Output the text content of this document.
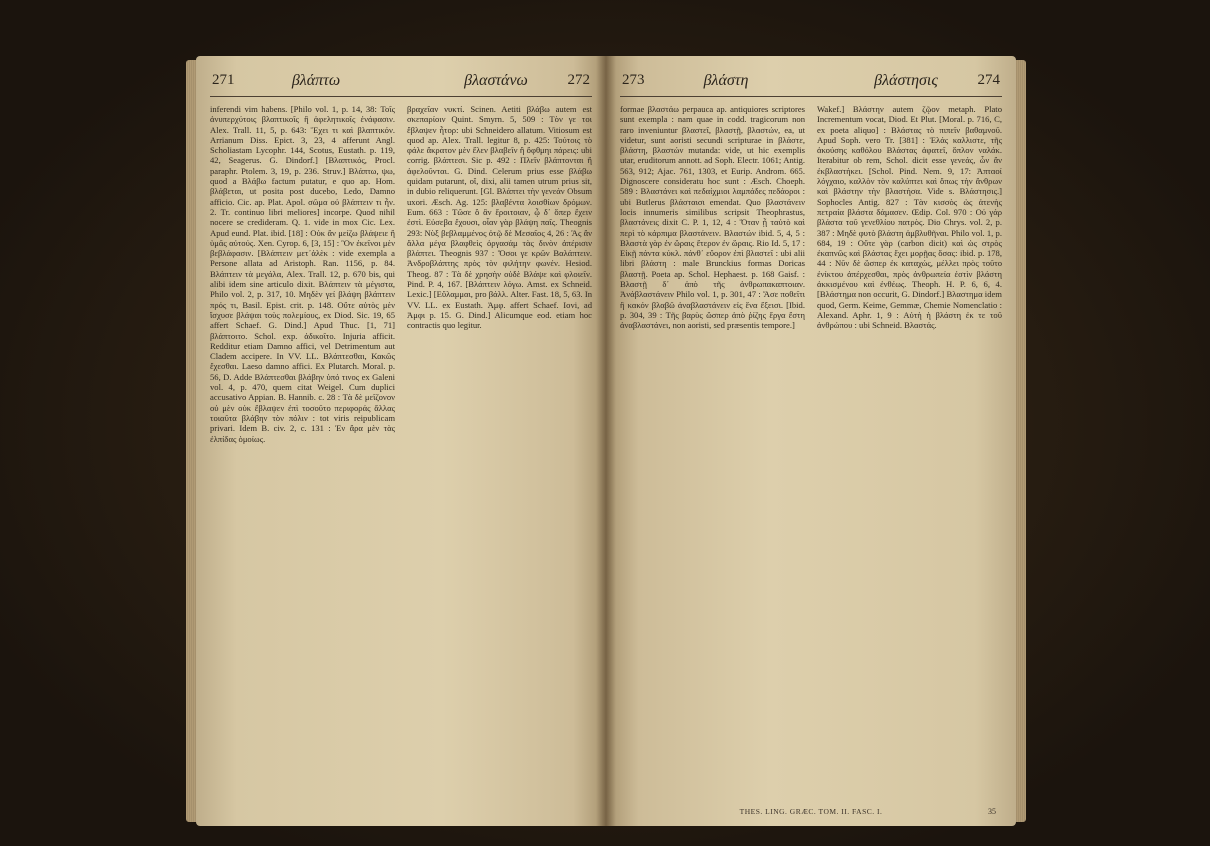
271	βλάπτω	βλαστάνω	272

inferendi vim habens. [Philo vol. 1, p. 14, 38: Τοῖς ἀνυπερχύτοις βλαπτικοῖς ἢ ἀφελητικοῖς ἐνάφασιν. Alex. Trall. 11, 5, p. 643: Ἔχει τι καὶ βλαπτικόν. Arrianum Diss. Epict. 3, 23, 4 afferunt Angl. Scholiastam Lycophr. 144, Scotus, Eustath. p. 119, 42, Seagerus. G. Dindorf.] [Βλαπτικός, Procl. paraphr. Ptolem. 3, 19, p. 236. Struv.] Βλάπτω, ψω, quod a Βλάβω factum putatur, e quo ap. Hom. βλάβεται, ut posita post ducebo, Ledo, Damno afficio. Cic. ap. Plat. Apol. σῶμα οὐ βλάπτειν τι ἦν. 2. Tr. continuo libri meliores] incorpe. Quod nihil nocere se credideram. Q. 1. vide in mox Cic. Lex. Apud eund. Plat. ibid. [18] : Οὐκ ἂν μείζω βλάψειε ἢ ὑμᾶς αὐτούς. Xen. Cyrop. 6, [3, 15] : Ὃν ἐκεῖνοι μὲν βεβλάφασιν. [Βλάπτειν μετ᾽ἀλὲκ : vide exempla a Persone allata ad Aristoph. Ran. 1156, p. 84. Βλάπτειν τὰ μεγάλα, Alex. Trall. 12, p. 670 bis, qui alibi idem sine articulo dixit. Βλάπτειν τὰ μέγιστα, Philo vol. 2, p. 317, 10. Μηδὲν γεί βλάψη βλάπτειν πρός τι, Basil. Epist. crit. p. 148. Οὔτε αὐτὸς μὲν ἴσχυσε βλάψαι τοὺς πολεμίους, ex Diod. Sic. 19, 65 affert Schaef. G. Dind.] Apud Thuc. [1, 71] βλάπτοιτο. Schol. exp. ἀδικοῖτο. Injuria afficit. Redditur etiam Damno affici, vel Detrimentum aut Cladem accipere. In VV. LL. Βλάπτεσθαι, Κακῶς ἔχεσθαι. Laeso damno affici. Ex Plutarch. Moral. p. 56, D. Adde Βλάπτεσθαι βλάβην ὑπό τινος ex Galeni vol. 4, p. 470, quem citat Weigel. Cum duplici accusativo Appian. B. Hannib. c. 28 : Τὰ δὲ μεῖζονον οὐ μὲν οὐκ ἔβλαψεν ἐπὶ τοσοῦτο περιφοράς ἄλλας τοιαῦτα βλάβην τὸν πόλιν : tot viris reipublicam privari. Idem B. civ. 2, c. 131 : Ἐν ἄρα μὲν τὰς ἐλπίδας ὁμοίως.

βραχεῖαν νυκτί. Scinen. Aetiti βλάβω autem est σκεπαρίοιν Quint. Smyrn. 5, 509 : Τὸν γε τοι ἔβλαψεν ἦτορ: ubi Schneidero allatum. Vitiosum est quod ap. Alex. Trall. legitur 8, p. 425: Τούτοις τὸ φάλε ἄκρατον μὲν ἔλεν βλαβεῖν ἢ ὄφθμηι πάρεις: ubi corrig. βλάπτεσι. Sic p. 492 : Πλεῖν βλάπτονται ἢ ἀφελοῦνται. G. Dind. Celerum prius esse βλάβω quidam putarunt, οἵ, dixi, alii tamen utrum prius sit, in dubio reliquerunt. [Gl. Βλάπτει τὴν γενεάν Obsum uxori. Æsch. Ag. 125: βλαβέντα λοισθίων δρόμων. Eum. 663 : Τῶσε ὃ ἂν ἔροιτοιαν, ᾧ δ᾽ ὅπερ ἔχειν ἐστὶ. Εὐσεβα ἔχουσι, οἷαν γὰρ βλάψη παῖς. Theognis 293: Νὺξ βεβλαμμένος ὀτῷ δὲ Μεσαῖος 4, 26 : Ἃς ἂν ἄλλα μέγα βλαφθεὶς ὀργασάμ τὰς δινὸν ἀπέρισιν βλάπτει. Theognis 937 : Ὅσοι γε κρῶν Βαλάπτειν. Ἀνδροβλάπτης πρὸς τὸν φιλήτην φωνέν. Hesiod. Theog. 87 : Τὰ δὲ χρησὴν οὐδὲ Βλάψε καὶ φλοιεῖν. Pind. P. 4, 167. [Βλάπτειν λόγω. Amst. ex Schneid. Lexic.] [Εὔλαμμαι, pro βάλλ. Alter. Fast. 18, 5, 63. In VV. LL. ex Eustath. Ἀμφ. affert Schaef. Iovi, ad Ἀμφι p. 15. G. Dind.] Alicumque eod. etiam hoc contractis quo legitur.

273	βλάστη	βλάστησις	274

formae βλαστάω perpauca ap. antiquiores scriptores sunt exempla : nam quae in codd. tragicorum non raro inveniuntur βλαστεῖ, βλαστῇ, βλαστών, ea, ut videtur, sunt aoristi secundi scripturae in βλάστε, βλάστη, βλαστών mutanda: vide, ut hic exemplis utar, eruditorum annott. ad Soph. Electr. 1061; Antig. 563, 912; Ajac. 761, 1303, et Eurip. Androm. 665. Dignoscere consideratu hoc sunt : Æsch. Choeph. 589 : Βλαστάνει καὶ πεδαίχμιοι λαμπάδες πεδάοροι : ubi Butlerus βλάσταισι emendat. Quo βλαστάνειν locis innumeris similibus scripsit Theophrastus, βλαστάνεις dixit C. P. 1, 12, 4 : Ὅταν ᾖ ταὐτὸ καὶ περὶ τὸ κάρπιμα βλαστάνειν. Βλαστών ibid. 5, 4, 5 : Βλαστὰ γὰρ ἐν ὥραις ἔτερον ἐν ὥραις. Rio Id. 5, 17 : Εἰκῇ πάντα κύκλ. πάνθ᾽ εὔορον ἐπὶ βλαστεῖ : ubi alii libri βλάστη : male Brunckius formas Doricas βλαστῇ. Poeta ap. Schol. Hephaest. p. 168 Gaisf. : Βλαστῇ δ᾽ ἀπὸ τῆς ἀνθρωπακαπτοιαν. Ἀνάβλαστάνειν Philo vol. 1, p. 301, 47 : Ἄσε ποθεῖτι ἢ κακόν βλαβῶ ἀναβλαστάνειν εἰς ἕνα ἔξεισι. [Ibid. p. 304, 39 : Τῆς βαρὺς ὥσπερ ἀπὸ ῥίζης ἔργα ἔστη ἀναβλαστάνει, non aoristi, sed præsentis tempore.]

Wakef.] Βλάστην autem ζῷον metaph. Plato Incrementum vocat, Diod. Et Plut. [Moral. p. 716, C, ex poeta aliquo] : Βλάστας τὸ πιπεῖν βαθαμνοῦ. Apud Soph. vero Tr. [381] : Ἐλάς καλλιστε, τῆς ἀκούσης καθόλου Βλάστας ἀφατεῖ, ὅπλον ναλάκ. Iterabitur ob rem, Schol. dicit esse γενεάς, ὧν ἂν ἐκβλαστήκει. [Schol. Pind. Nem. 9, 17: Ἀπταοί λόγχαιο, καλλὸν τὸν καλύπτει καὶ ὅπως τὴν ἄνθρων καὶ βλάστην τὴν βλαστήσα. Vide s. Βλάστησις.] Sophocles Antig. 827 : Τὰν κισσὸς ὡς ἀτενὴς πετραία βλάστα δάμασεν. Œdip. Col. 970 : Οὐ γάρ βλάστα τοῦ γενεθλίου πατρὸς. Dio Chrys. vol. 2, p. 387 : Μηδὲ φυτὸ βλάστη ἀμβλυθῆναι. Philo vol. 1, p. 684, 19 : Οὔτε γὰρ (carbon dicit) καὶ ὡς στρὸς ἐκαπνῶς καὶ βλάστας ἔχει μορῇας ὅσας: ibid. p. 178, 44 : Νῦν δὲ ὥσπερ ἐκ καταχώς, μέλλει πρὸς τοῦτο ἐνίκτου ἀπέρχεσθαι, πρὸς ἀνθρωπεία ἐστὶν βλάστη ἀκκισμένου καὶ ἐνθέως. Theoph. H. P. 6, 6, 4. [Βλάστημα non occurit, G. Dindorf.] Βλαστημα idem quod, Germ. Keime, Gemmæ, Chemie Nomenclatio : Alexand. Aphr. 1, 9 : Αὐτὴ ἡ βλάστη ἐκ τε τοῦ ἀνθρώπου : ubi Schneid. Βλαστάς.

THES. LING. GRÆC. TOM. II. FASC. I.	35
